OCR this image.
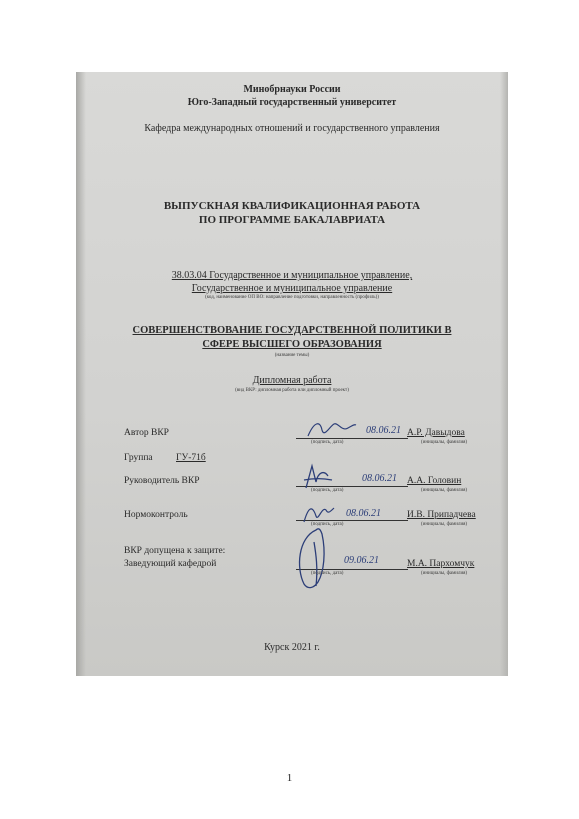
Минобрнауки России
Юго-Западный государственный университет
Кафедра международных отношений и государственного управления
ВЫПУСКНАЯ КВАЛИФИКАЦИОННАЯ РАБОТА
ПО ПРОГРАММЕ БАКАЛАВРИАТА
38.03.04 Государственное и муниципальное управление,
Государственное и муниципальное управление
(код, наименование ОП ВО: направление подготовки, направленность (профиль))
СОВЕРШЕНСТВОВАНИЕ ГОСУДАРСТВЕННОЙ ПОЛИТИКИ В
СФЕРЕ ВЫСШЕГО ОБРАЗОВАНИЯ
(название темы)
Дипломная работа
(вид ВКР: дипломная работа или дипломный проект)
Автор ВКР	08.06.21 А.Р. Давыдова
(подпись, дата)	(инициалы, фамилия)
Группа ГУ-71б
Руководитель ВКР	08.06.21 А.А. Головин
(подпись, дата)	(инициалы, фамилия)
Нормоконтроль	08.06.21	И.В. Припадчева
(подпись, дата)	(инициалы, фамилия)
ВКР допущена к защите:
Заведующий кафедрой	09.06.21	М.А. Пархомчук
(подпись, дата)	(инициалы, фамилия)
Курск 2021 г.
1
